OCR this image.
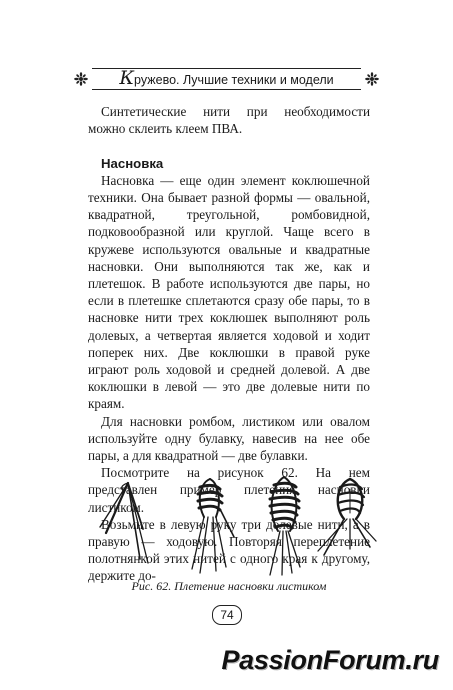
Кружево. Лучшие техники и модели

Синтетические нити при необходимости можно склеить клеем ПВА.

Насновка

Насновка — еще один элемент коклюшечной техники. Она бывает разной формы — овальной, квадратной, треугольной, ромбовидной, подковообразной или круглой. Чаще всего в кружеве используются овальные и квадратные насновки. Они выполняются так же, как и плетешок. В работе используются две пары, но если в плетешке сплетаются сразу обе пары, то в насновке нити трех коклюшек выполняют роль долевых, а четвертая является ходовой и ходит поперек них. Две коклюшки в правой руке играют роль ходовой и средней долевой. А две коклюшки в левой — это две долевые нити по краям.

Для насновки ромбом, листиком или овалом используйте одну булавку, навесив на нее обе пары, а для квадратной — две булавки.

Посмотрите на рисунок 62. На нем представлен пример плетения насновки листиком.

Возьмите в левую руку три долевые нити, а в правую — ходовую. Повторяя переплетение полотнянкой этих нитей с одного края к другому, держите до-

Рис. 62. Плетение насновки листиком
74
PassionForum.ru
